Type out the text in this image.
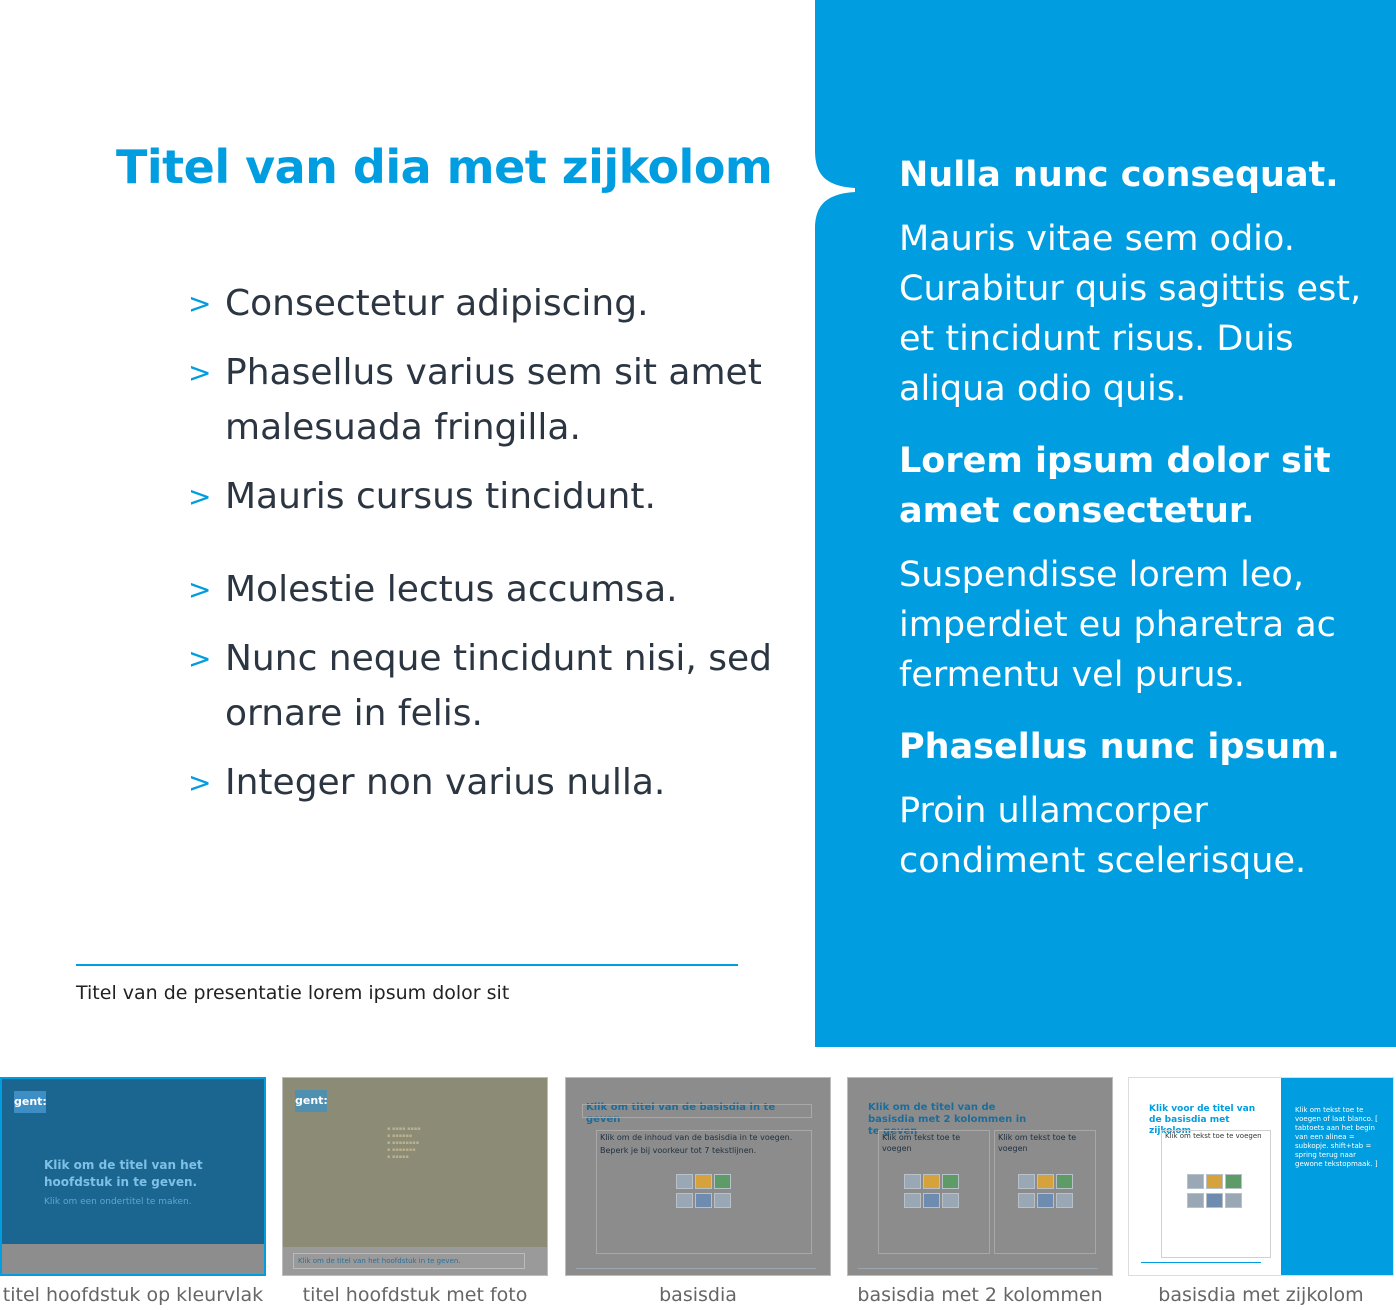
Titel van dia met zijkolom
> Consectetur adipiscing.
> Phasellus varius sem sit amet malesuada fringilla.
> Mauris cursus tincidunt.
> Molestie lectus accumsa.
> Nunc neque tincidunt nisi, sed ornare in felis.
> Integer non varius nulla.
Titel van de presentatie lorem ipsum dolor sit
Nulla nunc consequat.
Mauris vitae sem odio. Curabitur quis sagittis est, et tincidunt risus. Duis aliqua odio quis.
Lorem ipsum dolor sit amet consectetur.
Suspendisse lorem leo, imperdiet eu pharetra ac fermentu vel purus.
Phasellus nunc ipsum.
Proin ullamcorper condiment scelerisque.
gent:
Klik om de titel van het hoofdstuk in te geven.
Klik om een ondertitel te maken.
titel hoofdstuk op kleurvlak
gent:
▪ ▪▪▪▪ ▪▪▪▪
▪ ▪▪▪▪▪▪
▪ ▪▪▪▪▪▪▪▪
▪ ▪▪▪▪▪▪▪
▪ ▪▪▪▪▪
Klik om de titel van het hoofdstuk in te geven.
titel hoofdstuk met foto
Klik om titel van de basisdia in te geven
Klik om de inhoud van de basisdia in te voegen.
Beperk je bij voorkeur tot 7 tekstlijnen.
basisdia
Klik om de titel van de basisdia met 2 kolommen in te geven
Klik om tekst toe te voegen
Klik om tekst toe te voegen
basisdia met 2 kolommen
Klik voor de titel van de basisdia met zijkolom
Klik om tekst toe te voegen
Klik om tekst toe te voegen of laat blanco. [ tabtoets aan het begin van een alinea = subkopje. shift+tab = spring terug naar gewone tekstopmaak. ]
basisdia met zijkolom
